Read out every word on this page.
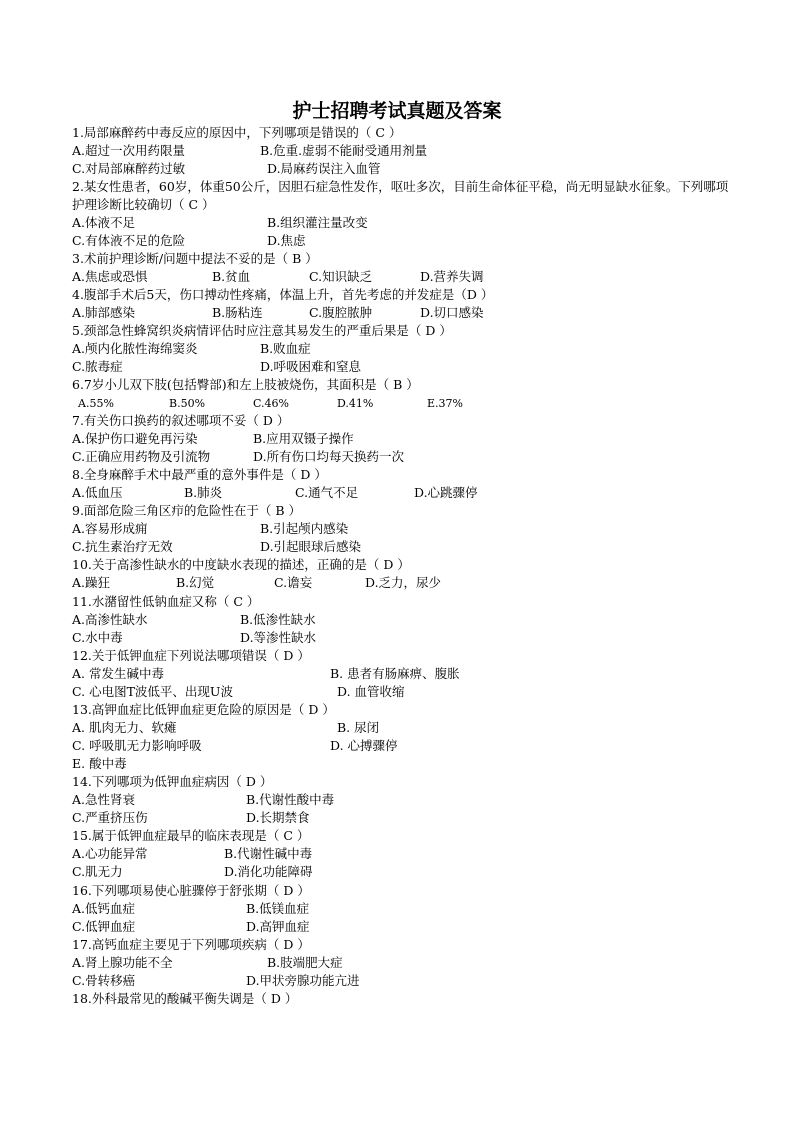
护士招聘考试真题及答案
1.局部麻醉药中毒反应的原因中，下列哪项是错误的（ C ）
A.超过一次用药限量	B.危重.虚弱不能耐受通用剂量
C.对局部麻醉药过敏	D.局麻药误注入血管
2.某女性患者，60岁，体重50公斤，因胆石症急性发作，呕吐多次，目前生命体征平稳，尚无明显缺水征象。下列哪项护理诊断比较确切（ C ）
A.体液不足	B.组织灌注量改变
C.有体液不足的危险	D.焦虑
3.术前护理诊断/问题中提法不妥的是（ B ）
A.焦虑或恐惧	B.贫血	C.知识缺乏	D.营养失调
4.腹部手术后5天，伤口搏动性疼痛，体温上升，首先考虑的并发症是（D ）
A.肺部感染	B.肠粘连	C.腹腔脓肿	D.切口感染
5.颈部急性蜂窝织炎病情评估时应注意其易发生的严重后果是（ D ）
A.颅内化脓性海绵窦炎	B.败血症
C.脓毒症	D.呼吸困难和窒息
6.7岁小儿双下肢(包括臀部)和左上肢被烧伤，其面积是（ B ）
A.55%	B.50%	C.46%	D.41%	E.37%
7.有关伤口换药的叙述哪项不妥（ D ）
A.保护伤口避免再污染	B.应用双镊子操作
C.正确应用药物及引流物	D.所有伤口均每天换药一次
8.全身麻醉手术中最严重的意外事件是（ D ）
A.低血压	B.肺炎	C.通气不足	D.心跳骤停
9.面部危险三角区疖的危险性在于（ B ）
A.容易形成痈	B.引起颅内感染
C.抗生素治疗无效	D.引起眼球后感染
10.关于高渗性缺水的中度缺水表现的描述，正确的是（ D ）
A.躁狂	B.幻觉	C.谵妄	D.乏力，尿少
11.水潴留性低钠血症又称（ C ）
A.高渗性缺水	B.低渗性缺水
C.水中毒	D.等渗性缺水
12.关于低钾血症下列说法哪项错误（ D ）
A. 常发生碱中毒	B. 患者有肠麻痹、腹胀
C. 心电图T波低平、出现U波	D. 血管收缩
13.高钾血症比低钾血症更危险的原因是（ D ）
A. 肌肉无力、软瘫	B. 尿闭
C. 呼吸肌无力影响呼吸	D. 心搏骤停
E. 酸中毒
14.下列哪项为低钾血症病因（ D ）
A.急性肾衰	B.代谢性酸中毒
C.严重挤压伤	D.长期禁食
15.属于低钾血症最早的临床表现是（ C ）
A.心功能异常	B.代谢性碱中毒
C.肌无力	D.消化功能障碍
16.下列哪项易使心脏骤停于舒张期（ D ）
A.低钙血症	B.低镁血症
C.低钾血症	D.高钾血症
17.高钙血症主要见于下列哪项疾病（ D ）
A.肾上腺功能不全	B.肢端肥大症
C.骨转移癌	D.甲状旁腺功能亢进
18.外科最常见的酸碱平衡失调是（ D ）
